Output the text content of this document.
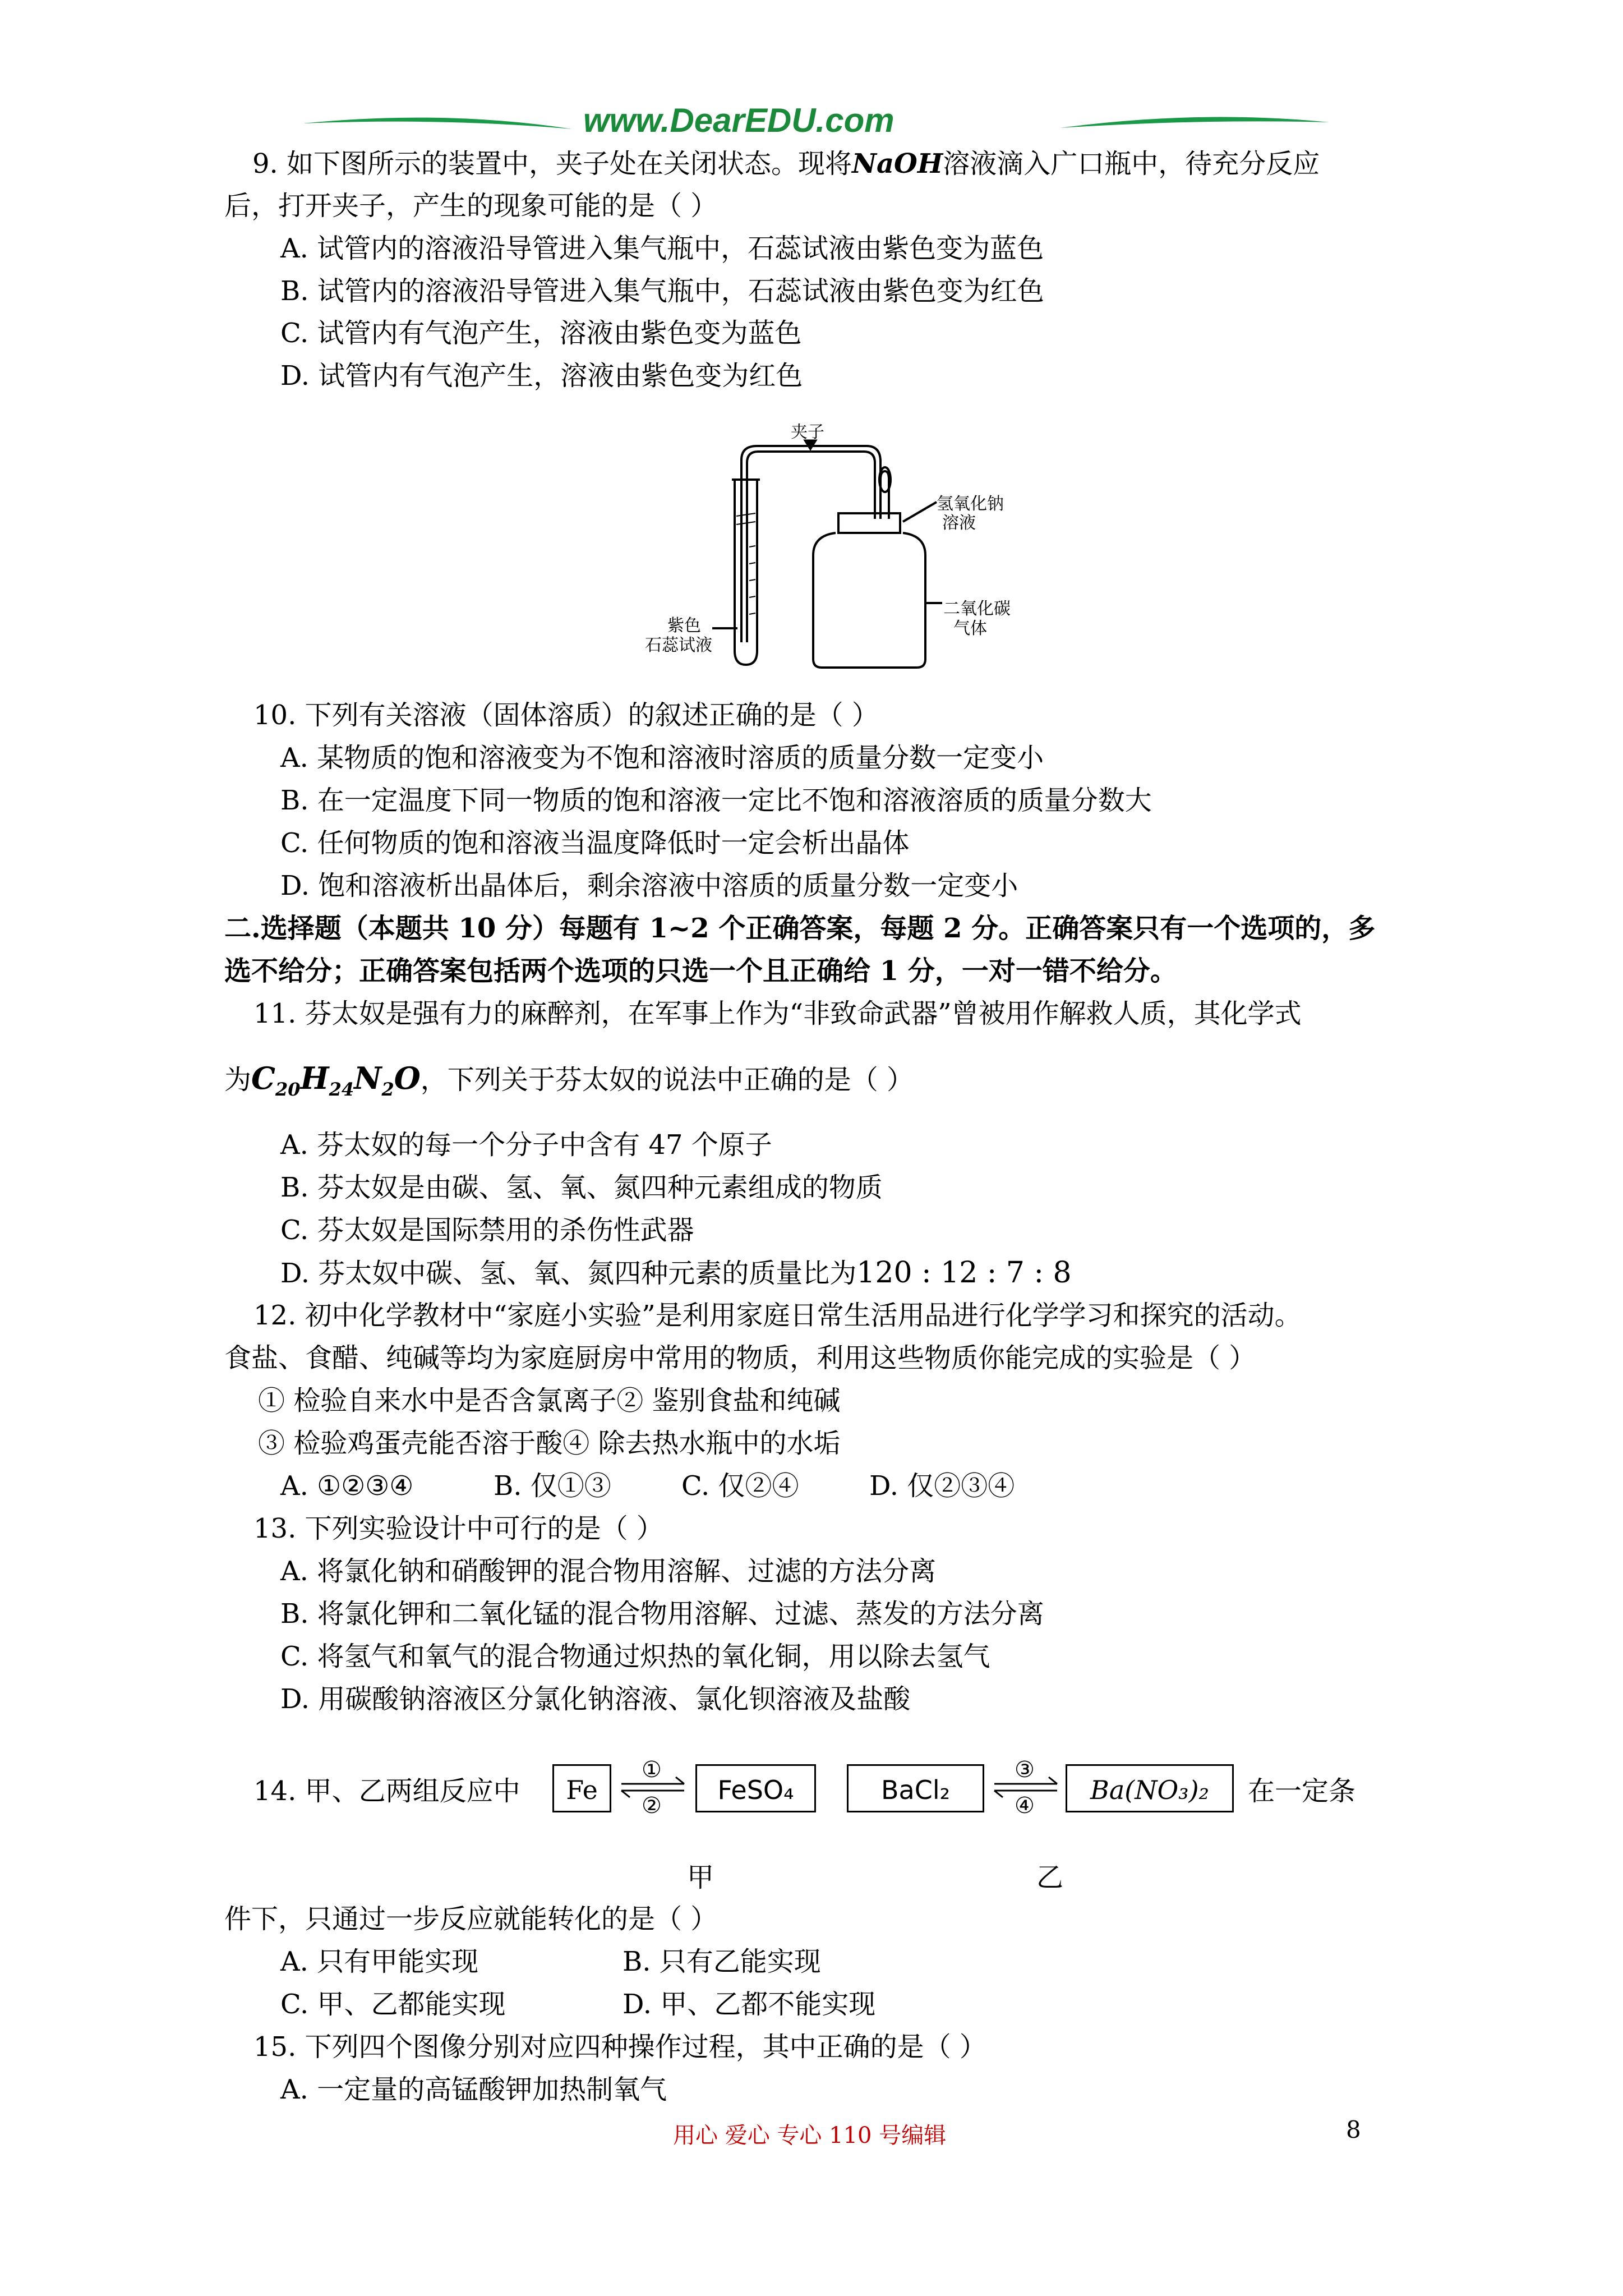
www.DearEDU.com
9. 如下图所示的装置中，夹子处在关闭状态。现将NaOH溶液滴入广口瓶中，待充分反应
后，打开夹子，产生的现象可能的是（ ）
A. 试管内的溶液沿导管进入集气瓶中，石蕊试液由紫色变为蓝色
B. 试管内的溶液沿导管进入集气瓶中，石蕊试液由紫色变为红色
C. 试管内有气泡产生，溶液由紫色变为蓝色
D. 试管内有气泡产生，溶液由紫色变为红色
夹子
氢氧化钠
溶液
紫色
石蕊试液
二氧化碳
气体
10. 下列有关溶液（固体溶质）的叙述正确的是（ ）
A. 某物质的饱和溶液变为不饱和溶液时溶质的质量分数一定变小
B. 在一定温度下同一物质的饱和溶液一定比不饱和溶液溶质的质量分数大
C. 任何物质的饱和溶液当温度降低时一定会析出晶体
D. 饱和溶液析出晶体后，剩余溶液中溶质的质量分数一定变小
二.选择题（本题共 10 分）每题有 1~2 个正确答案，每题 2 分。正确答案只有一个选项的，多
选不给分；正确答案包括两个选项的只选一个且正确给 1 分，一对一错不给分。
11. 芬太奴是强有力的麻醉剂，在军事上作为“非致命武器”曾被用作解救人质，其化学式
为$C_{20}H_{24}N_2O$，下列关于芬太奴的说法中正确的是（ ）
A. 芬太奴的每一个分子中含有 47 个原子
B. 芬太奴是由碳、氢、氧、氮四种元素组成的物质
C. 芬太奴是国际禁用的杀伤性武器
D. 芬太奴中碳、氢、氧、氮四种元素的质量比为120 : 12 : 7 : 8
12. 初中化学教材中“家庭小实验”是利用家庭日常生活用品进行化学学习和探究的活动。
食盐、食醋、纯碱等均为家庭厨房中常用的物质，利用这些物质你能完成的实验是（ ）
① 检验自来水中是否含氯离子② 鉴别食盐和纯碱
③ 检验鸡蛋壳能否溶于酸④ 除去热水瓶中的水垢
A. ①②③④	B. 仅①③	C. 仅②④	D. 仅②③④
13. 下列实验设计中可行的是（ ）
A. 将氯化钠和硝酸钾的混合物用溶解、过滤的方法分离
B. 将氯化钾和二氧化锰的混合物用溶解、过滤、蒸发的方法分离
C. 将氢气和氧气的混合物通过炽热的氧化铜，用以除去氢气
D. 用碳酸钠溶液区分氯化钠溶液、氯化钡溶液及盐酸
14. 甲、乙两组反应中	Fe
①
②
FeSO₄	BaCl₂
③
④
Ba(NO₃)₂	在一定条
甲	乙
件下，只通过一步反应就能转化的是（ ）
A. 只有甲能实现	B. 只有乙能实现
C. 甲、乙都能实现	D. 甲、乙都不能实现
15. 下列四个图像分别对应四种操作过程，其中正确的是（ ）
A. 一定量的高锰酸钾加热制氧气
用心 爱心 专心 110 号编辑	8
